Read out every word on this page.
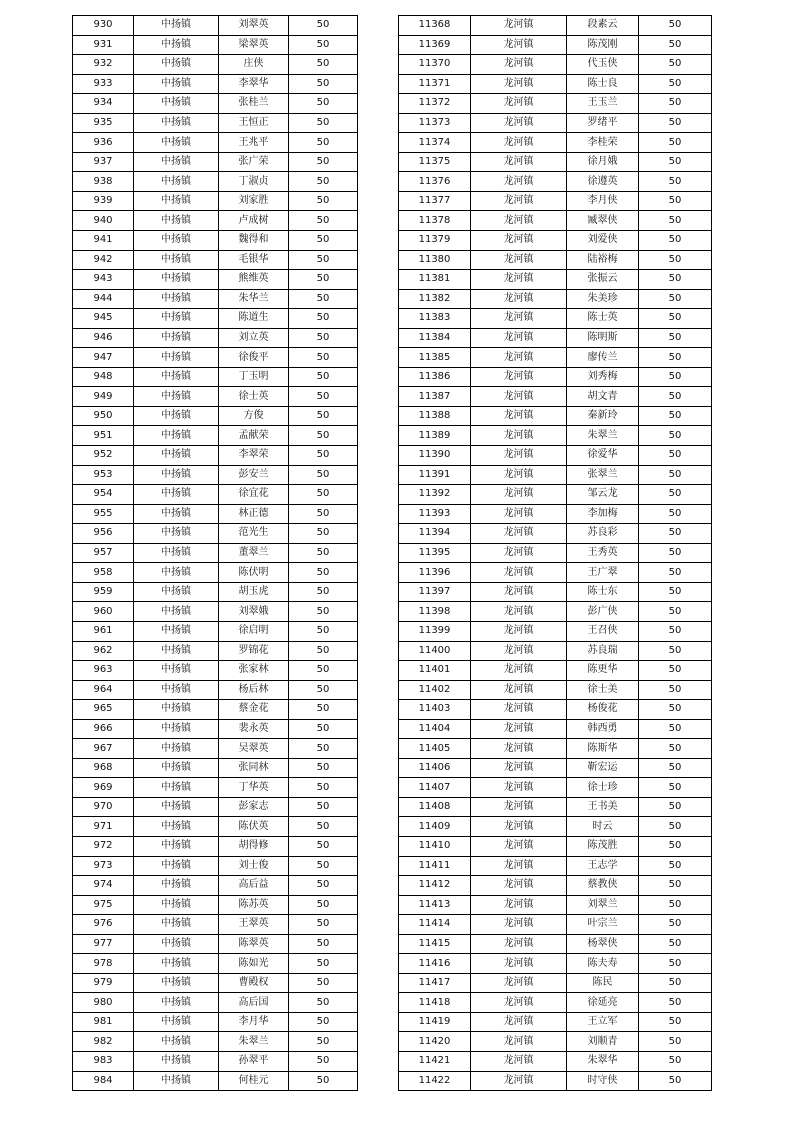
930	中扬镇	刘翠英	50
931	中扬镇	梁翠英	50
932	中扬镇	庄侠	50
933	中扬镇	李翠华	50
934	中扬镇	张桂兰	50
935	中扬镇	王恒正	50
936	中扬镇	王兆平	50
937	中扬镇	张广荣	50
938	中扬镇	丁淑贞	50
939	中扬镇	刘家胜	50
940	中扬镇	卢成树	50
941	中扬镇	魏得和	50
942	中扬镇	毛银华	50
943	中扬镇	熊维英	50
944	中扬镇	朱华兰	50
945	中扬镇	陈道生	50
946	中扬镇	刘立英	50
947	中扬镇	徐俊平	50
948	中扬镇	丁玉明	50
949	中扬镇	徐士英	50
950	中扬镇	方俊	50
951	中扬镇	孟献荣	50
952	中扬镇	李翠荣	50
953	中扬镇	彭安兰	50
954	中扬镇	徐宜花	50
955	中扬镇	林正德	50
956	中扬镇	范光生	50
957	中扬镇	董翠兰	50
958	中扬镇	陈伏明	50
959	中扬镇	胡玉虎	50
960	中扬镇	刘翠娥	50
961	中扬镇	徐启明	50
962	中扬镇	罗锦花	50
963	中扬镇	张家林	50
964	中扬镇	杨后林	50
965	中扬镇	蔡金花	50
966	中扬镇	裴永英	50
967	中扬镇	吴翠英	50
968	中扬镇	张同林	50
969	中扬镇	丁华英	50
970	中扬镇	彭家志	50
971	中扬镇	陈伏英	50
972	中扬镇	胡得修	50
973	中扬镇	刘士俊	50
974	中扬镇	高后益	50
975	中扬镇	陈苏英	50
976	中扬镇	王翠英	50
977	中扬镇	陈翠英	50
978	中扬镇	陈如光	50
979	中扬镇	曹殿权	50
980	中扬镇	高后国	50
981	中扬镇	李月华	50
982	中扬镇	朱翠兰	50
983	中扬镇	孙翠平	50
984	中扬镇	何桂元	50
11368	龙河镇	段素云	50
11369	龙河镇	陈茂刚	50
11370	龙河镇	代玉侠	50
11371	龙河镇	陈士良	50
11372	龙河镇	王玉兰	50
11373	龙河镇	罗绪平	50
11374	龙河镇	李桂荣	50
11375	龙河镇	徐月娥	50
11376	龙河镇	徐遵英	50
11377	龙河镇	李月侠	50
11378	龙河镇	臧翠侠	50
11379	龙河镇	刘爱侠	50
11380	龙河镇	陆裕梅	50
11381	龙河镇	张振云	50
11382	龙河镇	朱美珍	50
11383	龙河镇	陈士英	50
11384	龙河镇	陈明斯	50
11385	龙河镇	廖传兰	50
11386	龙河镇	刘秀梅	50
11387	龙河镇	胡文青	50
11388	龙河镇	秦新玲	50
11389	龙河镇	朱翠兰	50
11390	龙河镇	徐爱华	50
11391	龙河镇	张翠兰	50
11392	龙河镇	邹云龙	50
11393	龙河镇	李加梅	50
11394	龙河镇	苏良彩	50
11395	龙河镇	王秀英	50
11396	龙河镇	王广翠	50
11397	龙河镇	陈士东	50
11398	龙河镇	彭广侠	50
11399	龙河镇	王召侠	50
11400	龙河镇	苏良瑞	50
11401	龙河镇	陈更华	50
11402	龙河镇	徐士美	50
11403	龙河镇	杨俊花	50
11404	龙河镇	韩西勇	50
11405	龙河镇	陈斯华	50
11406	龙河镇	靳宏运	50
11407	龙河镇	徐士珍	50
11408	龙河镇	王书美	50
11409	龙河镇	时云	50
11410	龙河镇	陈茂胜	50
11411	龙河镇	王志学	50
11412	龙河镇	蔡教侠	50
11413	龙河镇	刘翠兰	50
11414	龙河镇	叶宗兰	50
11415	龙河镇	杨翠侠	50
11416	龙河镇	陈夫寿	50
11417	龙河镇	陈民	50
11418	龙河镇	徐延亮	50
11419	龙河镇	王立军	50
11420	龙河镇	刘顺青	50
11421	龙河镇	朱翠华	50
11422	龙河镇	时守侠	50
